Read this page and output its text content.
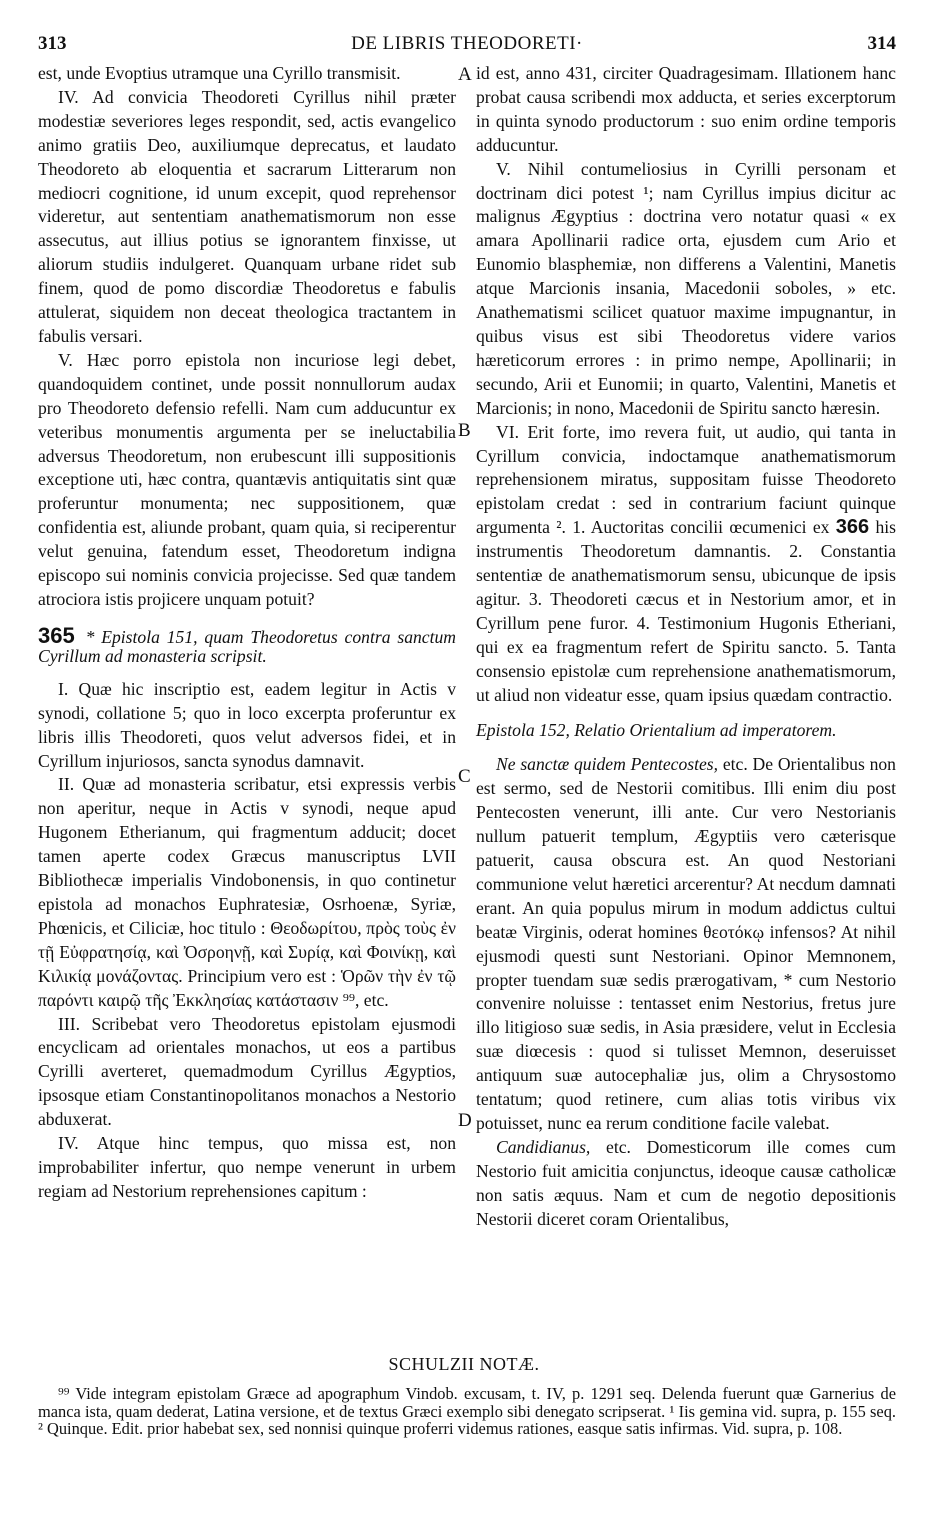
313	DE LIBRIS THEODORETI·	314
A
B
C
D

est, unde Evoptius utramque una Cyrillo transmisit.

IV. Ad convicia Theodoreti Cyrillus nihil præter modestiæ severiores leges respondit, sed, actis evangelico animo gratiis Deo, auxiliumque deprecatus, et laudato Theodoreto ab eloquentia et sacrarum Litterarum non mediocri cognitione, id unum excepit, quod reprehensor videretur, aut sententiam anathematismorum non esse assecutus, aut illius potius se ignorantem finxisse, ut aliorum studiis indulgeret. Quanquam urbane ridet sub finem, quod de pomo discordiæ Theodoretus e fabulis attulerat, siquidem non deceat theologica tractantem in fabulis versari.

V. Hæc porro epistola non incuriose legi debet, quandoquidem continet, unde possit nonnullorum audax pro Theodoreto defensio refelli. Nam cum adducuntur ex veteribus monumentis argumenta per se ineluctabilia adversus Theodoretum, non erubescunt illi suppositionis exceptione uti, hæc contra, quantævis antiquitatis sint quæ proferuntur monumenta; nec suppositionem, quæ confidentia est, aliunde probant, quam quia, si reciperentur velut genuina, fatendum esset, Theodoretum indigna episcopo sui nominis convicia projecisse. Sed quæ tandem atrociora istis projicere unquam potuit?

365 * Epistola 151, quam Theodoretus contra sanctum Cyrillum ad monasteria scripsit.

I. Quæ hic inscriptio est, eadem legitur in Actis v synodi, collatione 5; quo in loco excerpta proferuntur ex libris illis Theodoreti, quos velut adversos fidei, et in Cyrillum injuriosos, sancta synodus damnavit.

II. Quæ ad monasteria scribatur, etsi expressis verbis non aperitur, neque in Actis v synodi, neque apud Hugonem Etherianum, qui fragmentum adducit; docet tamen aperte codex Græcus manuscriptus LVII Bibliothecæ imperialis Vindobonensis, in quo continetur epistola ad monachos Euphratesiæ, Osrhoenæ, Syriæ, Phœnicis, et Ciliciæ, hoc titulo : Θεοδωρίτου, πρὸς τοὺς ἐν τῇ Εὐφρατησίᾳ, καὶ Ὀσροηνῇ, καὶ Συρίᾳ, καὶ Φοινίκῃ, καὶ Κιλικίᾳ μονάζοντας. Principium vero est : Ὁρῶν τὴν ἐν τῷ παρόντι καιρῷ τῆς Ἐκκλησίας κατάστασιν ⁹⁹, etc.

III. Scribebat vero Theodoretus epistolam ejusmodi encyclicam ad orientales monachos, ut eos a partibus Cyrilli averteret, quemadmodum Cyrillus Ægyptios, ipsosque etiam Constantinopolitanos monachos a Nestorio abduxerat.

IV. Atque hinc tempus, quo missa est, non improbabiliter infertur, quo nempe venerunt in urbem regiam ad Nestorium reprehensiones capitum :

id est, anno 431, circiter Quadragesimam. Illationem hanc probat causa scribendi mox adducta, et series excerptorum in quinta synodo productorum : suo enim ordine temporis adducuntur.

V. Nihil contumeliosius in Cyrilli personam et doctrinam dici potest ¹; nam Cyrillus impius dicitur ac malignus Ægyptius : doctrina vero notatur quasi « ex amara Apollinarii radice orta, ejusdem cum Ario et Eunomio blasphemiæ, non differens a Valentini, Manetis atque Marcionis insania, Macedonii soboles, » etc. Anathematismi scilicet quatuor maxime impugnantur, in quibus visus est sibi Theodoretus videre varios hæreticorum errores : in primo nempe, Apollinarii; in secundo, Arii et Eunomii; in quarto, Valentini, Manetis et Marcionis; in nono, Macedonii de Spiritu sancto hæresin.

VI. Erit forte, imo revera fuit, ut audio, qui tanta in Cyrillum convicia, indoctamque anathematismorum reprehensionem miratus, suppositam fuisse Theodoreto epistolam credat : sed in contrarium faciunt quinque argumenta ². 1. Auctoritas concilii œcumenici ex 366 his instrumentis Theodoretum damnantis. 2. Constantia sententiæ de anathematismorum sensu, ubicunque de ipsis agitur. 3. Theodoreti cæcus et in Nestorium amor, et in Cyrillum pene furor. 4. Testimonium Hugonis Etheriani, qui ex ea fragmentum refert de Spiritu sancto. 5. Tanta consensio epistolæ cum reprehensione anathematismorum, ut aliud non videatur esse, quam ipsius quædam contractio.

Epistola 152, Relatio Orientalium ad imperatorem.

Ne sanctæ quidem Pentecostes, etc. De Orientalibus non est sermo, sed de Nestorii comitibus. Illi enim diu post Pentecosten venerunt, illi ante. Cur vero Nestorianis nullum patuerit templum, Ægyptiis vero cæterisque patuerit, causa obscura est. An quod Nestoriani communione velut hæretici arcerentur? At necdum damnati erant. An quia populus mirum in modum addictus cultui beatæ Virginis, oderat homines θεοτόκῳ infensos? At nihil ejusmodi questi sunt Nestoriani. Opinor Memnonem, propter tuendam suæ sedis prærogativam, * cum Nestorio convenire noluisse : tentasset enim Nestorius, fretus jure illo litigioso suæ sedis, in Asia præsidere, velut in Ecclesia suæ diœcesis : quod si tulisset Memnon, deseruisset antiquum suæ autocephaliæ jus, olim a Chrysostomo tentatum; quod retinere, cum alias totis viribus vix potuisset, nunc ea rerum conditione facile valebat.

Candidianus, etc. Domesticorum ille comes cum Nestorio fuit amicitia conjunctus, ideoque causæ catholicæ non satis æquus. Nam et cum de negotio depositionis Nestorii diceret coram Orientalibus,

SCHULZII NOTÆ.

⁹⁹ Vide integram epistolam Græce ad apographum Vindob. excusam, t. IV, p. 1291 seq. Delenda fuerunt quæ Garnerius de manca ista, quam dederat, Latina versione, et de textus Græci exemplo sibi denegato scripserat. ¹ Iis gemina vid. supra, p. 155 seq. ² Quinque. Edit. prior habebat sex, sed nonnisi quinque proferri videmus rationes, easque satis infirmas. Vid. supra, p. 108.
